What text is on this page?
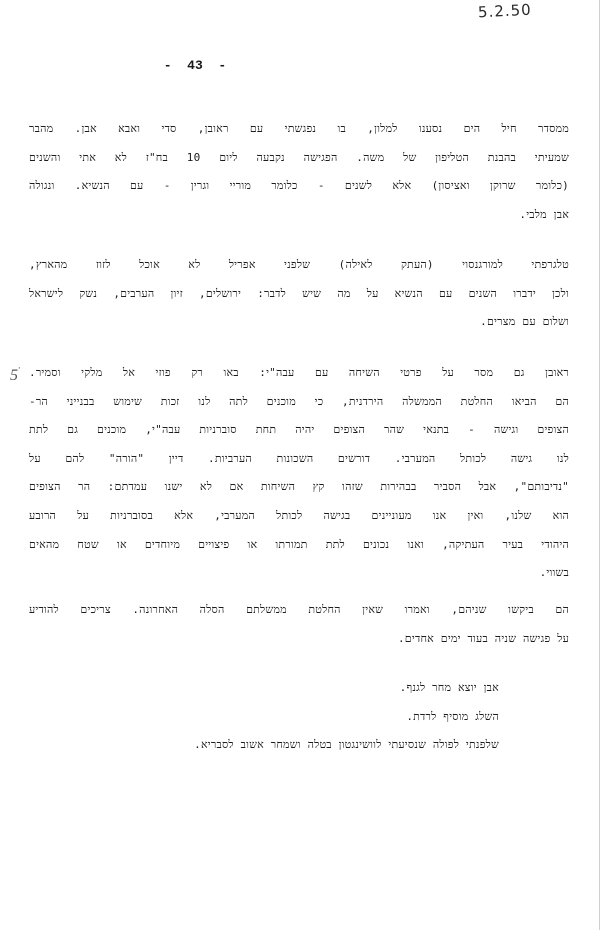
5.2.50
-  43  -
5ׂ
ממסדר חיל הים נסענו למלון, בו נפגשתי עם ראובן, סדי ואבא אבן. מהבר
שמעיתי בהבנת הטליפון של משה. הפגישה נקבעה ליום 10 בח"ז לא אתי והשנים
(כלומר שרוקן ואציסון) אלא לשנים - כלומר מוריי וגרין - עם הנשיא. ונגולה
אבן מלבי.
טלגרפתי למורגנסוי (העתק לאילה) שלפני אפריל לא אוכל לזוז מהארץ,
ולכן ידברו השנים עם הנשיא על מה שיש לדבר: ירושלים, זיון הערבים, נשק לישראל
ושלום עם מצרים.
ראובן גם מסר על פרטי השיחה עם עבה"י: באו רק פוזי אל מלקי וסמיר.
הם הביאו החלטת הממשלה הירדנית, כי מוכנים לתה לנו זכות שימוש בבנייני הר-
הצופים וגישה - בתנאי שהר הצופים יהיה תחת סוברניות עבה"י, מוכנים גם לתת
לנו גישה לכותל המערבי. דורשים השכונות הערביות. דיין "הורה" להם על
"נדיבותם", אבל הסביר בבהירות שזהו קץ השיחות אם לא ישנו עמדתם: הר הצופים
הוא שלנו, ואין אנו מעוניינים בגישה לכותל המערבי, אלא בסוברניות על הרובע
היהודי בעיר העתיקה, ואנו נכונים לתת תמורתו או פיצויים מיוחדים או שטח מהאים
בשווי.
הם ביקשו שניהם, ואמרו שאין החלטת ממשלתם הסלה האחרונה. צריכים להודיע
על פגישה שניה בעוד ימים אחדים.
אבן יוצא מחר לגנף.
השלג מוסיף לרדת.
שלפנתי לפולה שנסיעתי לוושינגטון בטלה ושמחר אשוב לסבריא.
